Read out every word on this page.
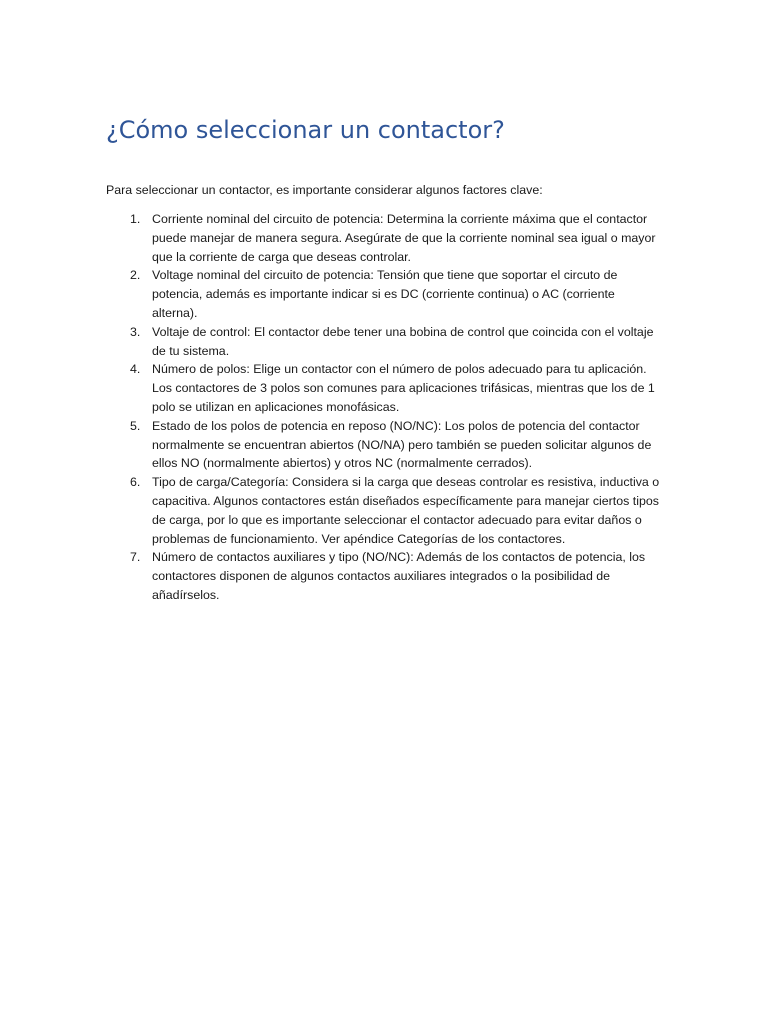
¿Cómo seleccionar un contactor?

Para seleccionar un contactor, es importante considerar algunos factores clave:

1. Corriente nominal del circuito de potencia: Determina la corriente máxima que el contactor puede manejar de manera segura. Asegúrate de que la corriente nominal sea igual o mayor que la corriente de carga que deseas controlar.
2. Voltage nominal del circuito de potencia: Tensión que tiene que soportar el circuto de potencia, además es importante indicar si es DC (corriente continua) o AC (corriente alterna).
3. Voltaje de control: El contactor debe tener una bobina de control que coincida con el voltaje de tu sistema.
4. Número de polos: Elige un contactor con el número de polos adecuado para tu aplicación. Los contactores de 3 polos son comunes para aplicaciones trifásicas, mientras que los de 1 polo se utilizan en aplicaciones monofásicas.
5. Estado de los polos de potencia en reposo (NO/NC): Los polos de potencia del contactor normalmente se encuentran abiertos (NO/NA) pero también se pueden solicitar algunos de ellos NO (normalmente abiertos) y otros NC (normalmente cerrados).
6. Tipo de carga/Categoría: Considera si la carga que deseas controlar es resistiva, inductiva o capacitiva. Algunos contactores están diseñados específicamente para manejar ciertos tipos de carga, por lo que es importante seleccionar el contactor adecuado para evitar daños o problemas de funcionamiento. Ver apéndice Categorías de los contactores.
7. Número de contactos auxiliares y tipo (NO/NC): Además de los contactos de potencia, los contactores disponen de algunos contactos auxiliares integrados o la posibilidad de añadírselos.
